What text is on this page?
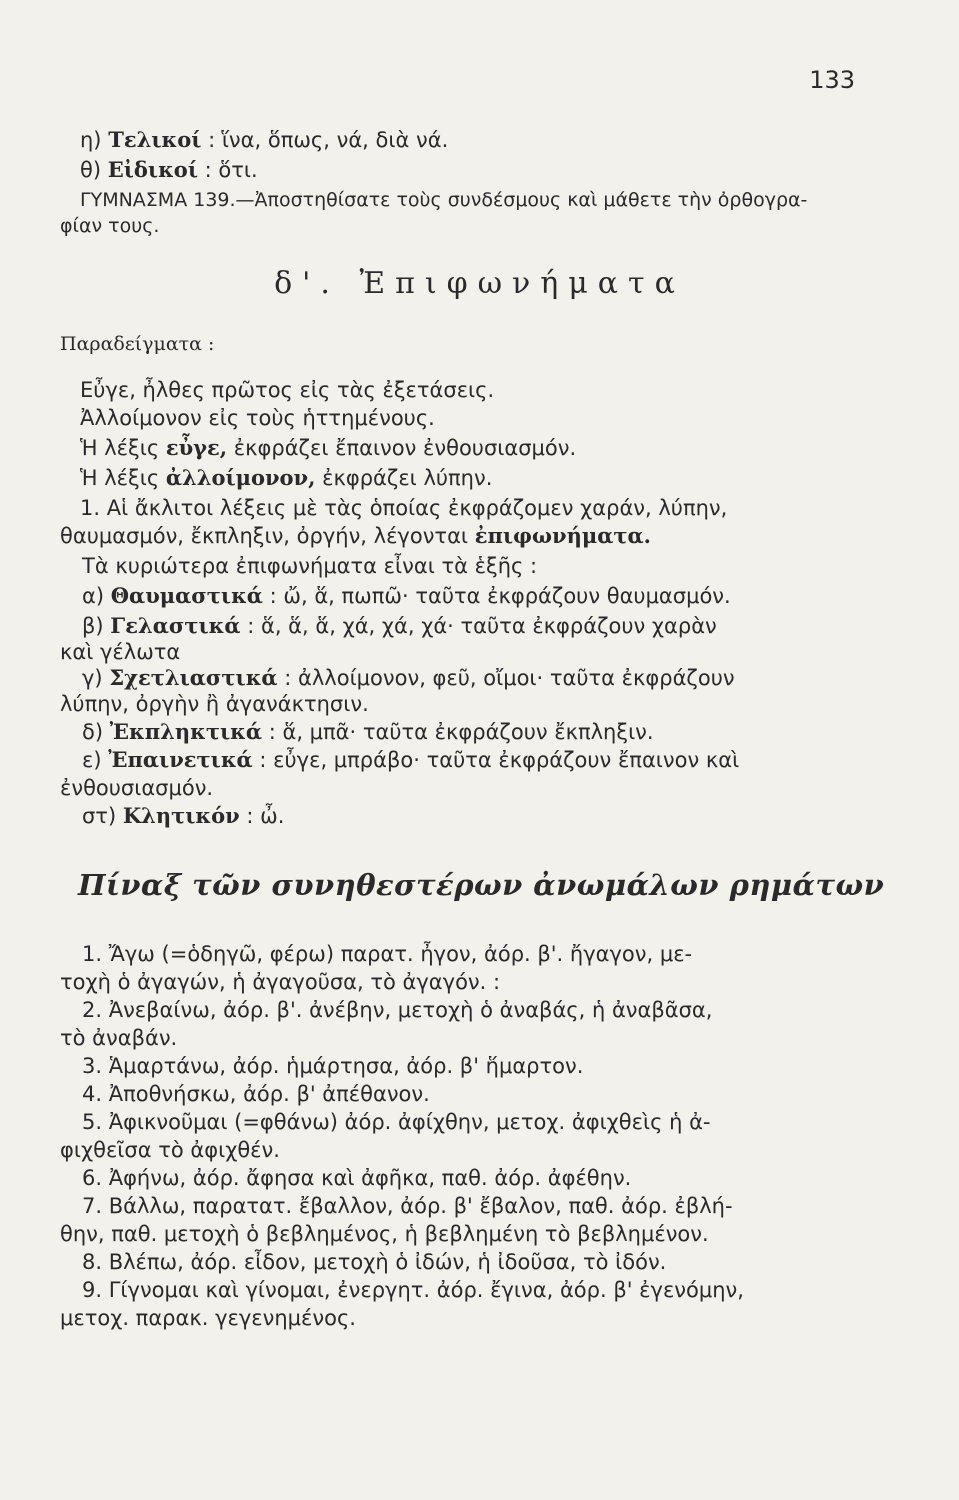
133
η) Τελικοί : ἵνα, ὅπως, νά, διὰ νά.
θ) Εἰδικοί : ὅτι.
ΓΥΜΝΑΣΜΑ 139.—Ἀποστηθίσατε τοὺς συνδέσμους καὶ μάθετε τὴν ὀρθογρα-
φίαν τους.
δ'. Ἐπιφωνήματα
Παραδείγματα :
Εὖγε, ἦλθες πρῶτος εἰς τὰς ἐξετάσεις.
Ἀλλοίμονον εἰς τοὺς ἡττημένους.
Ἡ λέξις εὖγε, ἐκφράζει ἔπαινον ἐνθουσιασμόν.
Ἡ λέξις ἀλλοίμονον, ἐκφράζει λύπην.
1. Αἱ ἄκλιτοι λέξεις μὲ τὰς ὁποίας ἐκφράζομεν χαράν, λύπην,
θαυμασμόν, ἔκπληξιν, ὀργήν, λέγονται ἐπιφωνήματα.
Τὰ κυριώτερα ἐπιφωνήματα εἶναι τὰ ἑξῆς :
α) Θαυμαστικά : ὤ, ἅ, πωπῶ· ταῦτα ἐκφράζουν θαυμασμόν.
β) Γελαστικά : ἅ, ἅ, ἅ, χά, χά, χά· ταῦτα ἐκφράζουν χαρὰν
καὶ γέλωτα
γ) Σχετλιαστικά : ἀλλοίμονον, φεῦ, οἴμοι· ταῦτα ἐκφράζουν
λύπην, ὀργὴν ἢ ἀγανάκτησιν.
δ) Ἐκπληκτικά : ἅ, μπᾶ· ταῦτα ἐκφράζουν ἔκπληξιν.
ε) Ἐπαινετικά : εὖγε, μπράβο· ταῦτα ἐκφράζουν ἔπαινον καὶ
ἐνθουσιασμόν.
στ) Κλητικόν : ὦ.
Πίναξ τῶν συνηθεστέρων ἀνωμάλων ρημάτων
1. Ἄγω (=ὁδηγῶ, φέρω) παρατ. ἦγον, ἀόρ. β'. ἤγαγον, με-
τοχὴ ὁ ἀγαγών, ἡ ἀγαγοῦσα, τὸ ἀγαγόν. :
2. Ἀνεβαίνω, ἀόρ. β'. ἀνέβην, μετοχὴ ὁ ἀναβάς, ἡ ἀναβᾶσα,
τὸ ἀναβάν.
3. Ἁμαρτάνω, ἀόρ. ἡμάρτησα, ἀόρ. β' ἥμαρτον.
4. Ἀποθνήσκω, ἀόρ. β' ἀπέθανον.
5. Ἀφικνοῦμαι (=φθάνω) ἀόρ. ἀφίχθην, μετοχ. ἀφιχθεὶς ἡ ἀ-
φιχθεῖσα τὸ ἀφιχθέν.
6. Ἀφήνω, ἀόρ. ἄφησα καὶ ἀφῆκα, παθ. ἀόρ. ἀφέθην.
7. Βάλλω, παρατατ. ἔβαλλον, ἀόρ. β' ἔβαλον, παθ. ἀόρ. ἐβλή-
θην, παθ. μετοχὴ ὁ βεβλημένος, ἡ βεβλημένη τὸ βεβλημένον.
8. Βλέπω, ἀόρ. εἶδον, μετοχὴ ὁ ἰδών, ἡ ἰδοῦσα, τὸ ἰδόν.
9. Γίγνομαι καὶ γίνομαι, ἐνεργητ. ἀόρ. ἔγινα, ἀόρ. β' ἐγενόμην,
μετοχ. παρακ. γεγενημένος.
